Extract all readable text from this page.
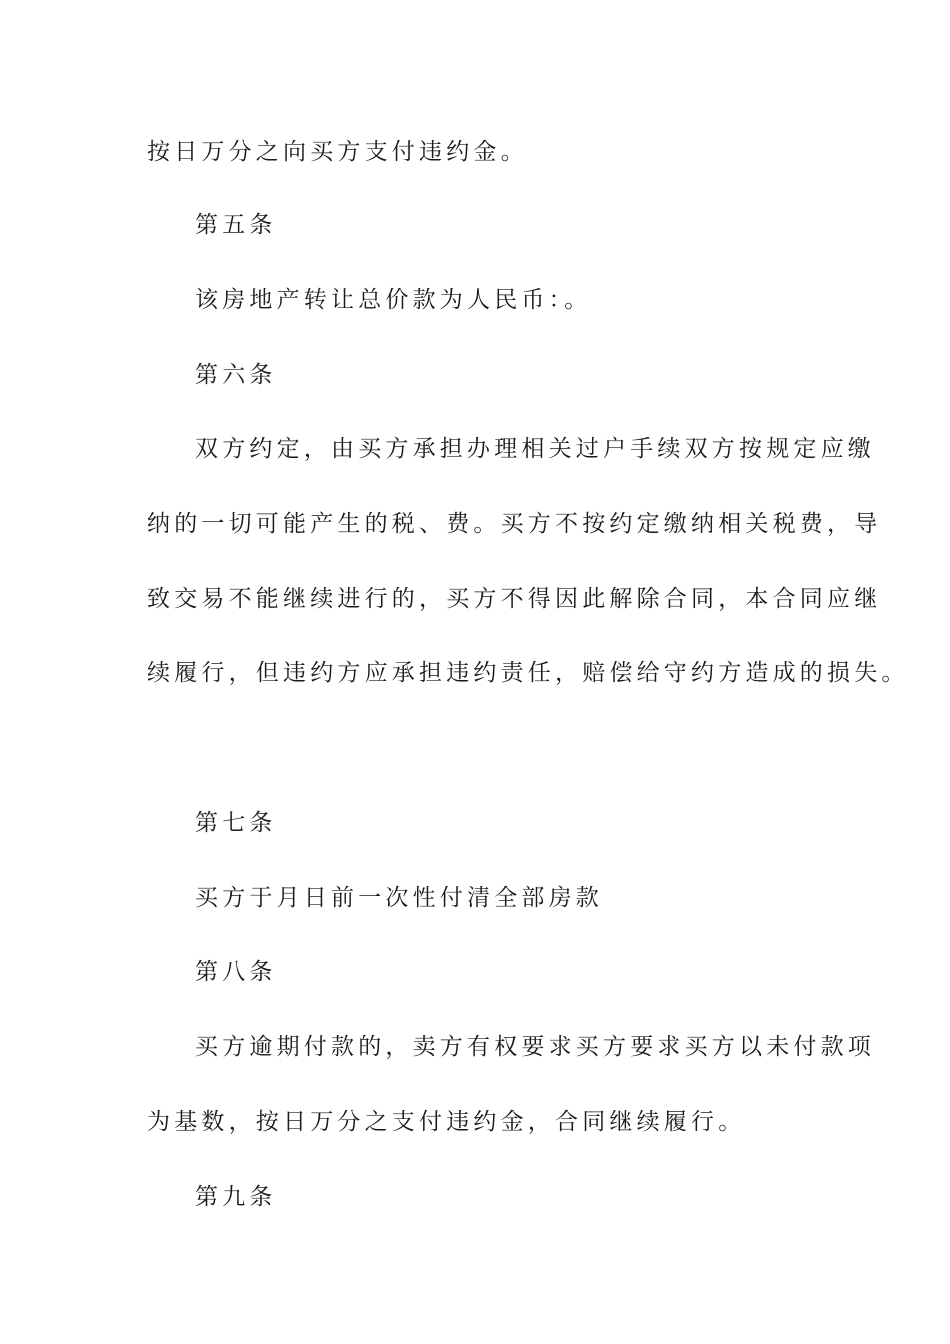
按日万分之向买方支付违约金。
第五条
该房地产转让总价款为人民币：。
第六条
双方约定，由买方承担办理相关过户手续双方按规定应缴
纳的一切可能产生的税、费。买方不按约定缴纳相关税费，导
致交易不能继续进行的，买方不得因此解除合同，本合同应继
续履行，但违约方应承担违约责任，赔偿给守约方造成的损失。
第七条
买方于月日前一次性付清全部房款
第八条
买方逾期付款的，卖方有权要求买方要求买方以未付款项
为基数，按日万分之支付违约金，合同继续履行。
第九条
